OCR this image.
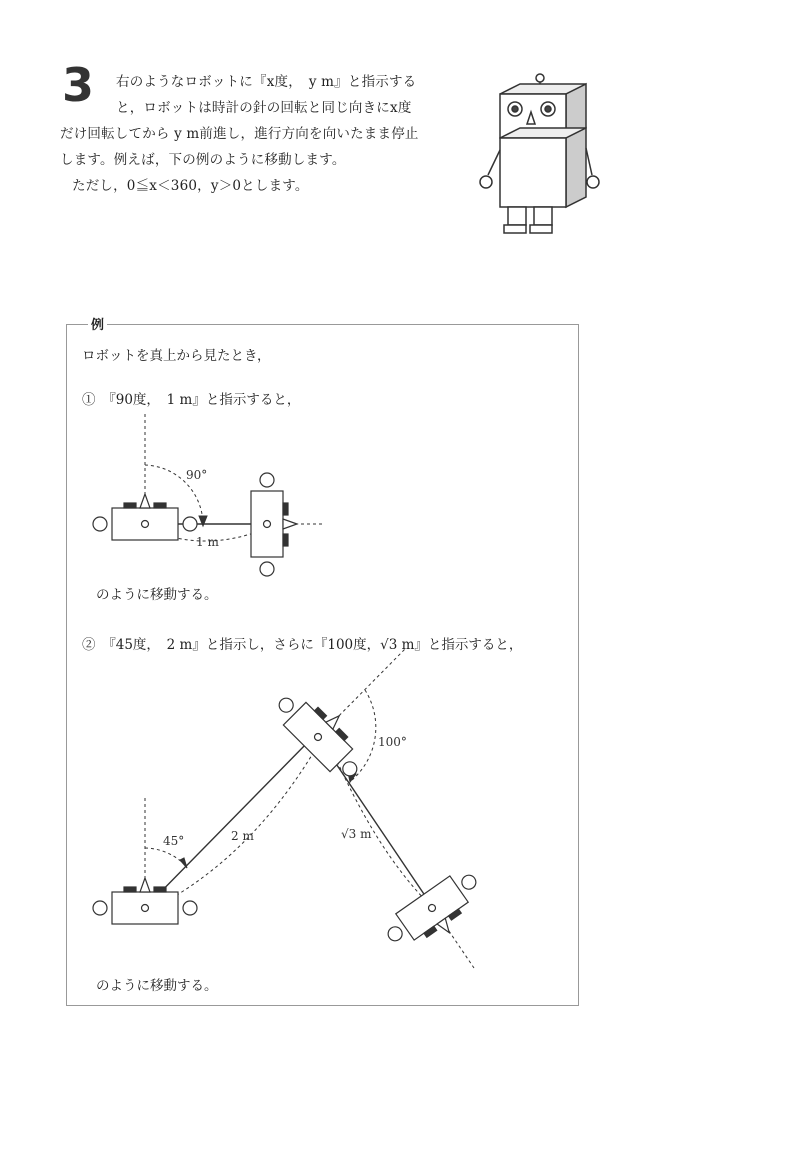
3 右のようなロボットに『x度，　y m』と指示する
と，ロボットは時計の針の回転と同じ向きにx度
だけ回転してから y m前進し，進行方向を向いたまま停止
します。例えば，下の例のように移動します。
ただし，0≦x＜360，y＞0とします。
例
ロボットを真上から見たとき，
①　『90度，　1 m』と指示すると，
のように移動する。
②　『45度，　2 m』と指示し，さらに『100度，√3 m』と指示すると，
のように移動する。
90°
1 m
45°	2 m
100°
√3 m
